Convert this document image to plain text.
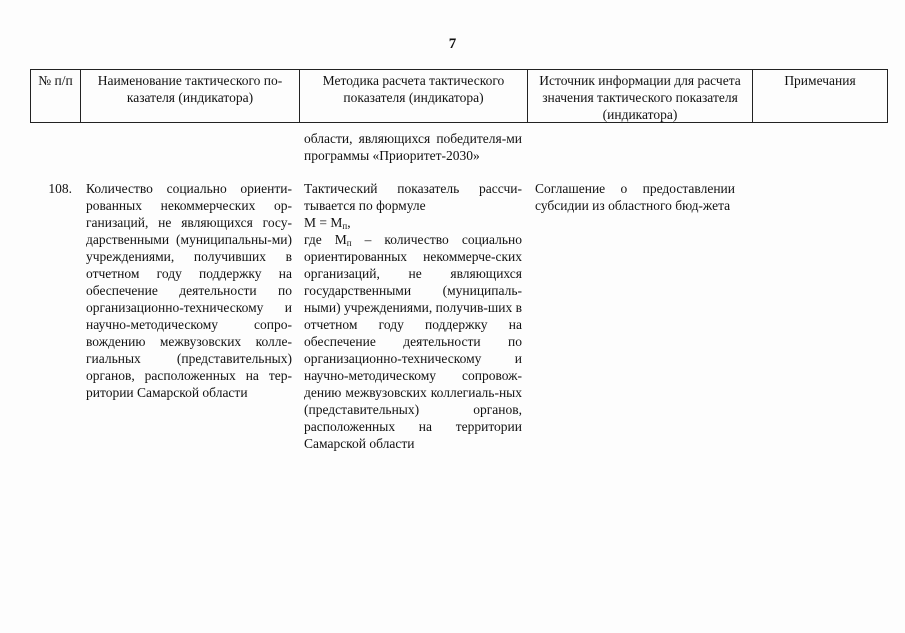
7
№ п/п	Наименование тактического по-казателя (индикатора)
Методика расчета тактического показателя (индикатора)
Источник информации для расчета значения тактического показателя (индикатора)
Примечания
области, являющихся победителя-ми программы «Приоритет-2030»
108. Количество социально ориенти-рованных некоммерческих ор-ганизаций, не являющихся госу-дарственными (муниципальны-ми) учреждениями, получивших в отчетном году поддержку на обеспечение деятельности по организационно-техническому и научно-методическому сопро-вождению межвузовских колле-гиальных (представительных) органов, расположенных на тер-ритории Самарской области
Тактический показатель рассчи-тывается по формуле
$М = М_п$,
где $М_п$ – количество социально ориентированных некоммерче-ских организаций, не являющихся государственными (муниципаль-ными) учреждениями, получив-ших в отчетном году поддержку на обеспечение деятельности по организационно-техническому и научно-методическому сопровож-дению межвузовских коллегиаль-ных (представительных) органов, расположенных на территории Самарской области
Соглашение о предоставлении субсидии из областного бюд-жета
